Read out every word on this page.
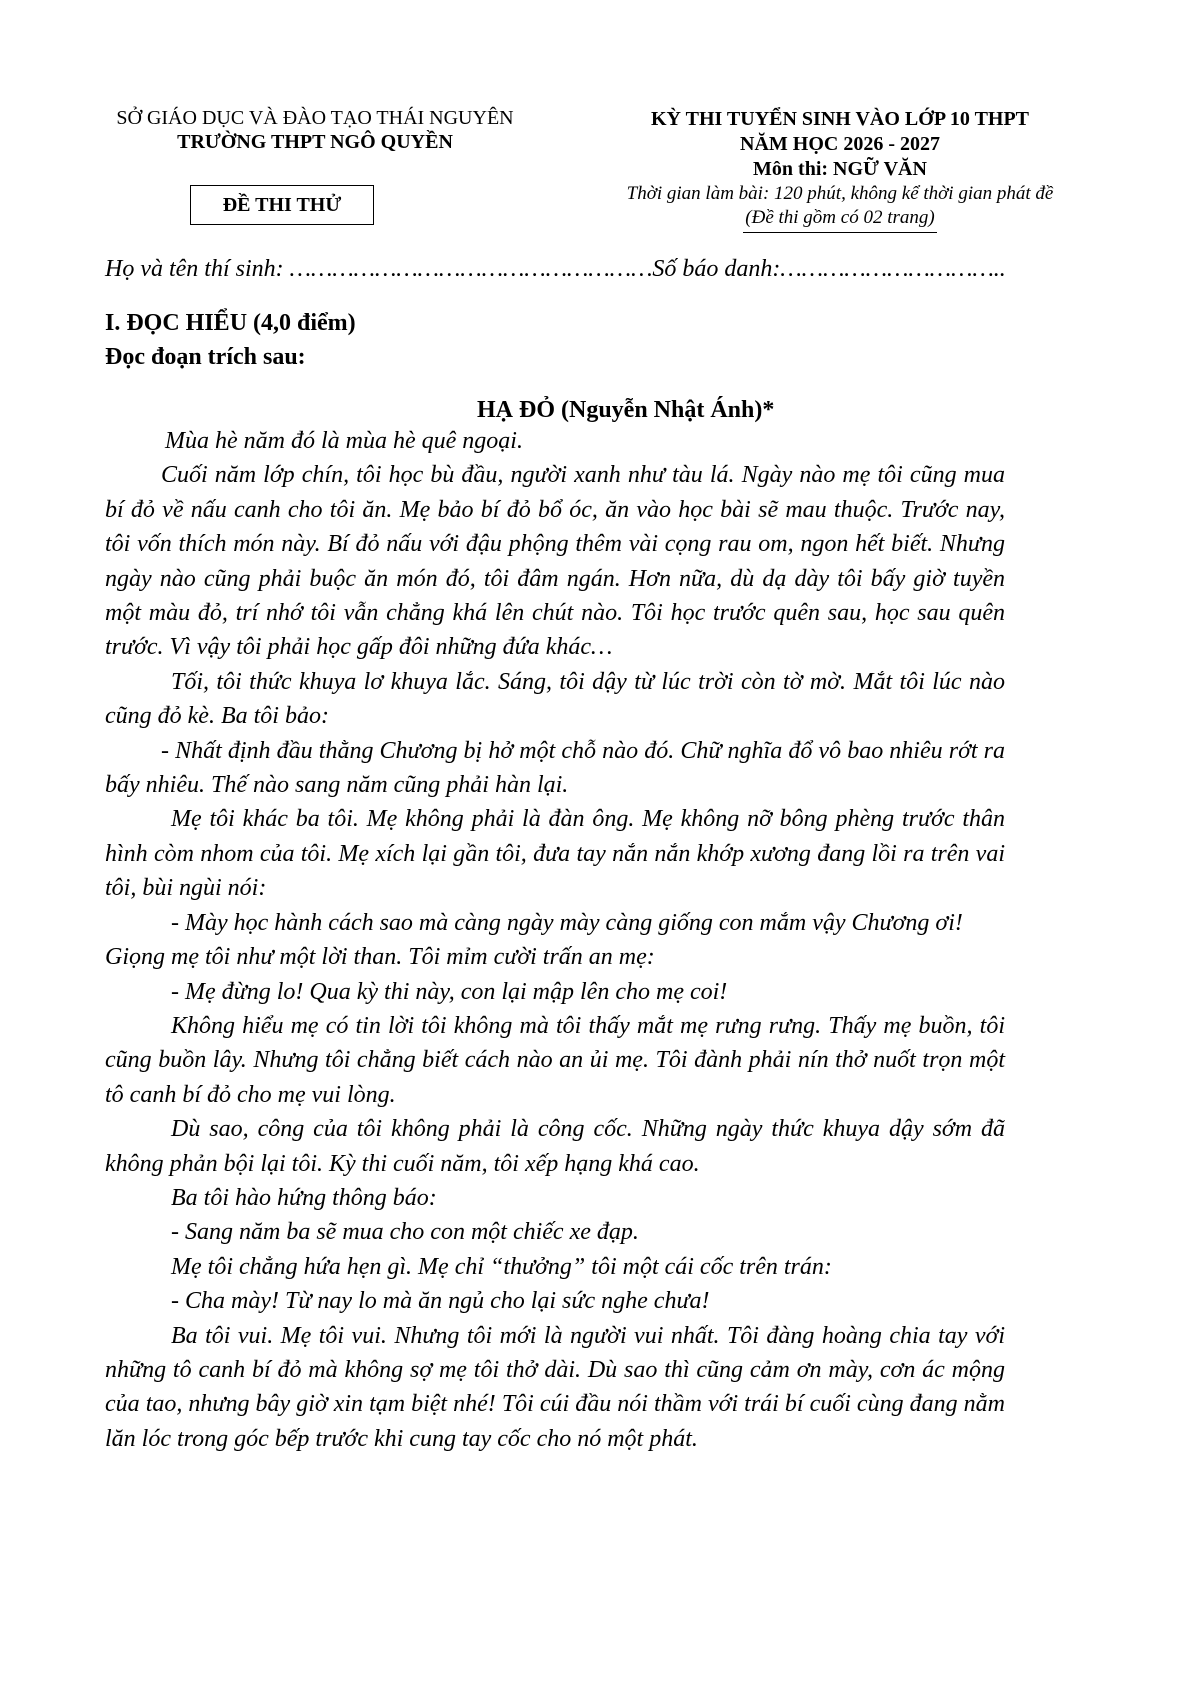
SỞ GIÁO DỤC VÀ ĐÀO TẠO THÁI NGUYÊN
TRƯỜNG THPT NGÔ QUYỀN
ĐỀ THI THỬ
KỲ THI TUYỂN SINH VÀO LỚP 10 THPT
NĂM HỌC 2026 - 2027
Môn thi: NGỮ VĂN
Thời gian làm bài: 120 phút, không kể thời gian phát đề
(Đề thi gồm có 02 trang)
Họ và tên thí sinh: ……………………………………………Số báo danh:…………………………..
I. ĐỌC HIỂU (4,0 điểm)
Đọc đoạn trích sau:
HẠ ĐỎ (Nguyễn Nhật Ánh)*

Mùa hè năm đó là mùa hè quê ngoại.

Cuối năm lớp chín, tôi học bù đầu, người xanh như tàu lá. Ngày nào mẹ tôi cũng mua bí đỏ về nấu canh cho tôi ăn. Mẹ bảo bí đỏ bổ óc, ăn vào học bài sẽ mau thuộc. Trước nay, tôi vốn thích món này. Bí đỏ nấu với đậu phộng thêm vài cọng rau om, ngon hết biết. Nhưng ngày nào cũng phải buộc ăn món đó, tôi đâm ngán. Hơn nữa, dù dạ dày tôi bấy giờ tuyền một màu đỏ, trí nhớ tôi vẫn chẳng khá lên chút nào. Tôi học trước quên sau, học sau quên trước. Vì vậy tôi phải học gấp đôi những đứa khác…

Tối, tôi thức khuya lơ khuya lắc. Sáng, tôi dậy từ lúc trời còn tờ mờ. Mắt tôi lúc nào cũng đỏ kè. Ba tôi bảo:

- Nhất định đầu thằng Chương bị hở một chỗ nào đó. Chữ nghĩa đổ vô bao nhiêu rớt ra bấy nhiêu. Thế nào sang năm cũng phải hàn lại.

Mẹ tôi khác ba tôi. Mẹ không phải là đàn ông. Mẹ không nỡ bông phèng trước thân hình còm nhom của tôi. Mẹ xích lại gần tôi, đưa tay nắn nắn khớp xương đang lồi ra trên vai tôi, bùi ngùi nói:

- Mày học hành cách sao mà càng ngày mày càng giống con mắm vậy Chương ơi!

Giọng mẹ tôi như một lời than. Tôi mỉm cười trấn an mẹ:

- Mẹ đừng lo! Qua kỳ thi này, con lại mập lên cho mẹ coi!

Không hiểu mẹ có tin lời tôi không mà tôi thấy mắt mẹ rưng rưng. Thấy mẹ buồn, tôi cũng buồn lây. Nhưng tôi chẳng biết cách nào an ủi mẹ. Tôi đành phải nín thở nuốt trọn một tô canh bí đỏ cho mẹ vui lòng.

Dù sao, công của tôi không phải là công cốc. Những ngày thức khuya dậy sớm đã không phản bội lại tôi. Kỳ thi cuối năm, tôi xếp hạng khá cao.

Ba tôi hào hứng thông báo:

- Sang năm ba sẽ mua cho con một chiếc xe đạp.

Mẹ tôi chẳng hứa hẹn gì. Mẹ chỉ “thưởng” tôi một cái cốc trên trán:

- Cha mày! Từ nay lo mà ăn ngủ cho lại sức nghe chưa!

Ba tôi vui. Mẹ tôi vui. Nhưng tôi mới là người vui nhất. Tôi đàng hoàng chia tay với những tô canh bí đỏ mà không sợ mẹ tôi thở dài. Dù sao thì cũng cảm ơn mày, cơn ác mộng của tao, nhưng bây giờ xin tạm biệt nhé! Tôi cúi đầu nói thầm với trái bí cuối cùng đang nằm lăn lóc trong góc bếp trước khi cung tay cốc cho nó một phát.
